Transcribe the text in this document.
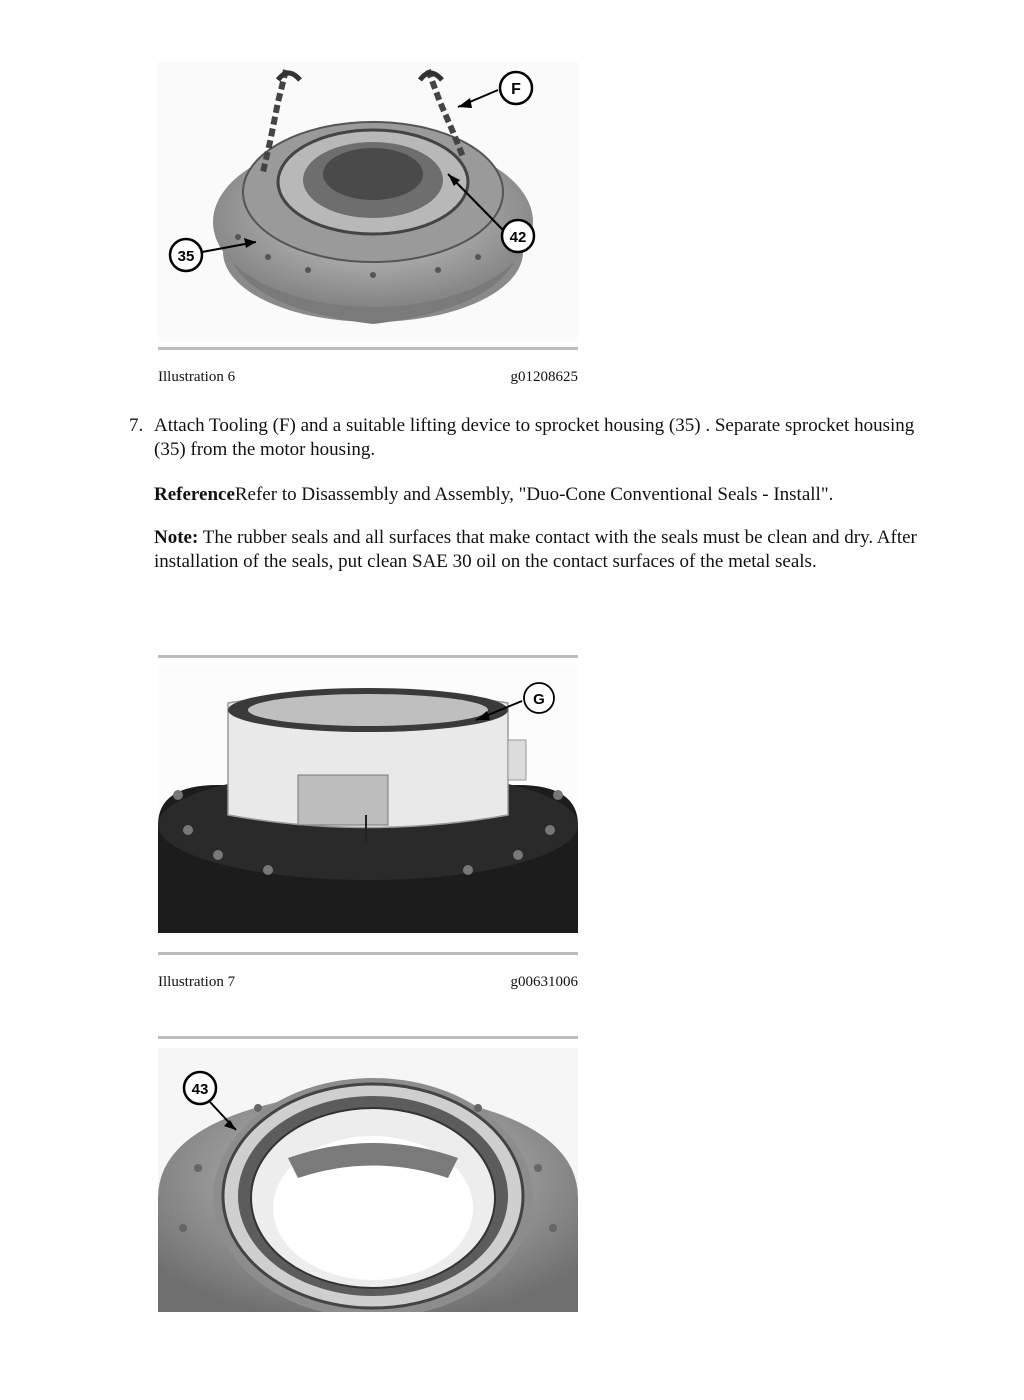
F
42
35
Illustration 6	g01208625
7. Attach Tooling (F) and a suitable lifting device to sprocket housing (35) . Separate sprocket housing (35) from the motor housing.
ReferenceRefer to Disassembly and Assembly, "Duo-Cone Conventional Seals - Install".
Note: The rubber seals and all surfaces that make contact with the seals must be clean and dry. After installation of the seals, put clean SAE 30 oil on the contact surfaces of the metal seals.
G
Illustration 7	g00631006
43
